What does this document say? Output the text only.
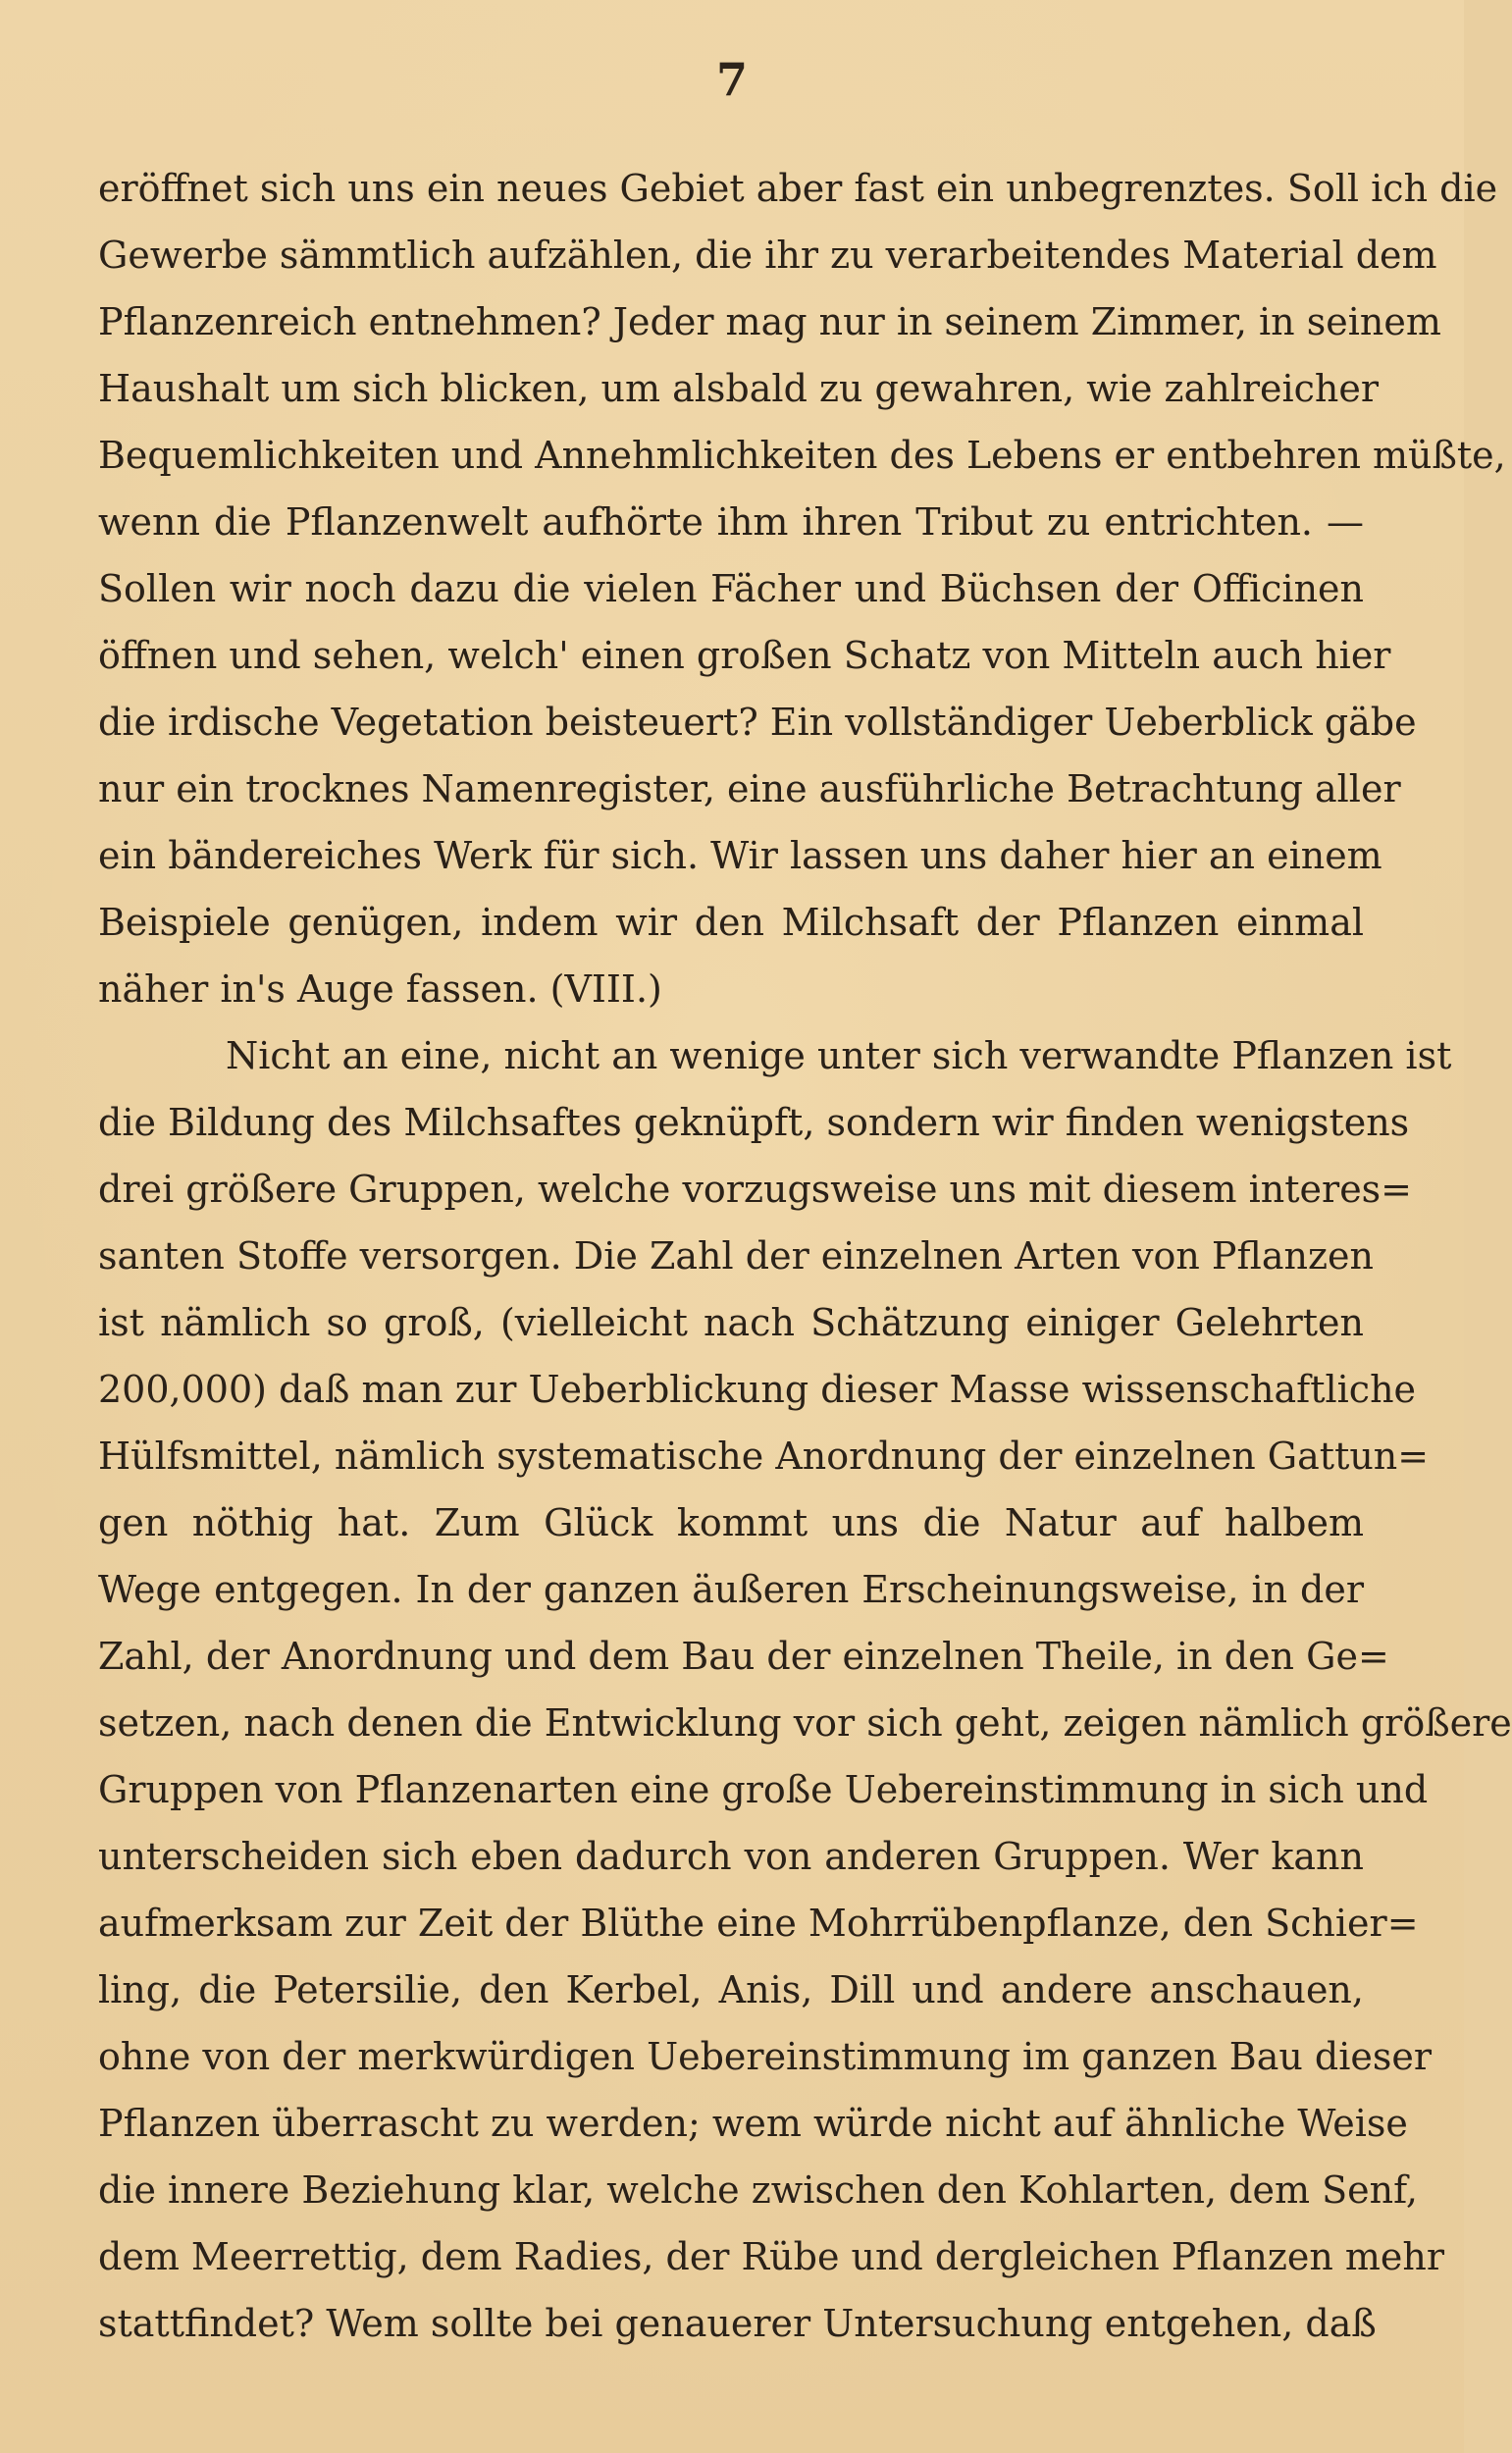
7
eröffnet sich uns ein neues Gebiet aber fast ein unbegrenztes. Soll ich die
Gewerbe sämmtlich aufzählen, die ihr zu verarbeitendes Material dem
Pflanzenreich entnehmen? Jeder mag nur in seinem Zimmer, in seinem
Haushalt um sich blicken, um alsbald zu gewahren, wie zahlreicher
Bequemlichkeiten und Annehmlichkeiten des Lebens er entbehren müßte,
wenn die Pflanzenwelt aufhörte ihm ihren Tribut zu entrichten. —
Sollen wir noch dazu die vielen Fächer und Büchsen der Officinen
öffnen und sehen, welch' einen großen Schatz von Mitteln auch hier
die irdische Vegetation beisteuert? Ein vollständiger Ueberblick gäbe
nur ein trocknes Namenregister, eine ausführliche Betrachtung aller
ein bändereiches Werk für sich. Wir lassen uns daher hier an einem
Beispiele genügen, indem wir den Milchsaft der Pflanzen einmal
näher in's Auge fassen. (VIII.)
Nicht an eine, nicht an wenige unter sich verwandte Pflanzen ist
die Bildung des Milchsaftes geknüpft, sondern wir finden wenigstens
drei größere Gruppen, welche vorzugsweise uns mit diesem interes=
santen Stoffe versorgen. Die Zahl der einzelnen Arten von Pflanzen
ist nämlich so groß, (vielleicht nach Schätzung einiger Gelehrten
200,000) daß man zur Ueberblickung dieser Masse wissenschaftliche
Hülfsmittel, nämlich systematische Anordnung der einzelnen Gattun=
gen nöthig hat. Zum Glück kommt uns die Natur auf halbem
Wege entgegen. In der ganzen äußeren Erscheinungsweise, in der
Zahl, der Anordnung und dem Bau der einzelnen Theile, in den Ge=
setzen, nach denen die Entwicklung vor sich geht, zeigen nämlich größere
Gruppen von Pflanzenarten eine große Uebereinstimmung in sich und
unterscheiden sich eben dadurch von anderen Gruppen. Wer kann
aufmerksam zur Zeit der Blüthe eine Mohrrübenpflanze, den Schier=
ling, die Petersilie, den Kerbel, Anis, Dill und andere anschauen,
ohne von der merkwürdigen Uebereinstimmung im ganzen Bau dieser
Pflanzen überrascht zu werden; wem würde nicht auf ähnliche Weise
die innere Beziehung klar, welche zwischen den Kohlarten, dem Senf,
dem Meerrettig, dem Radies, der Rübe und dergleichen Pflanzen mehr
stattfindet? Wem sollte bei genauerer Untersuchung entgehen, daß
